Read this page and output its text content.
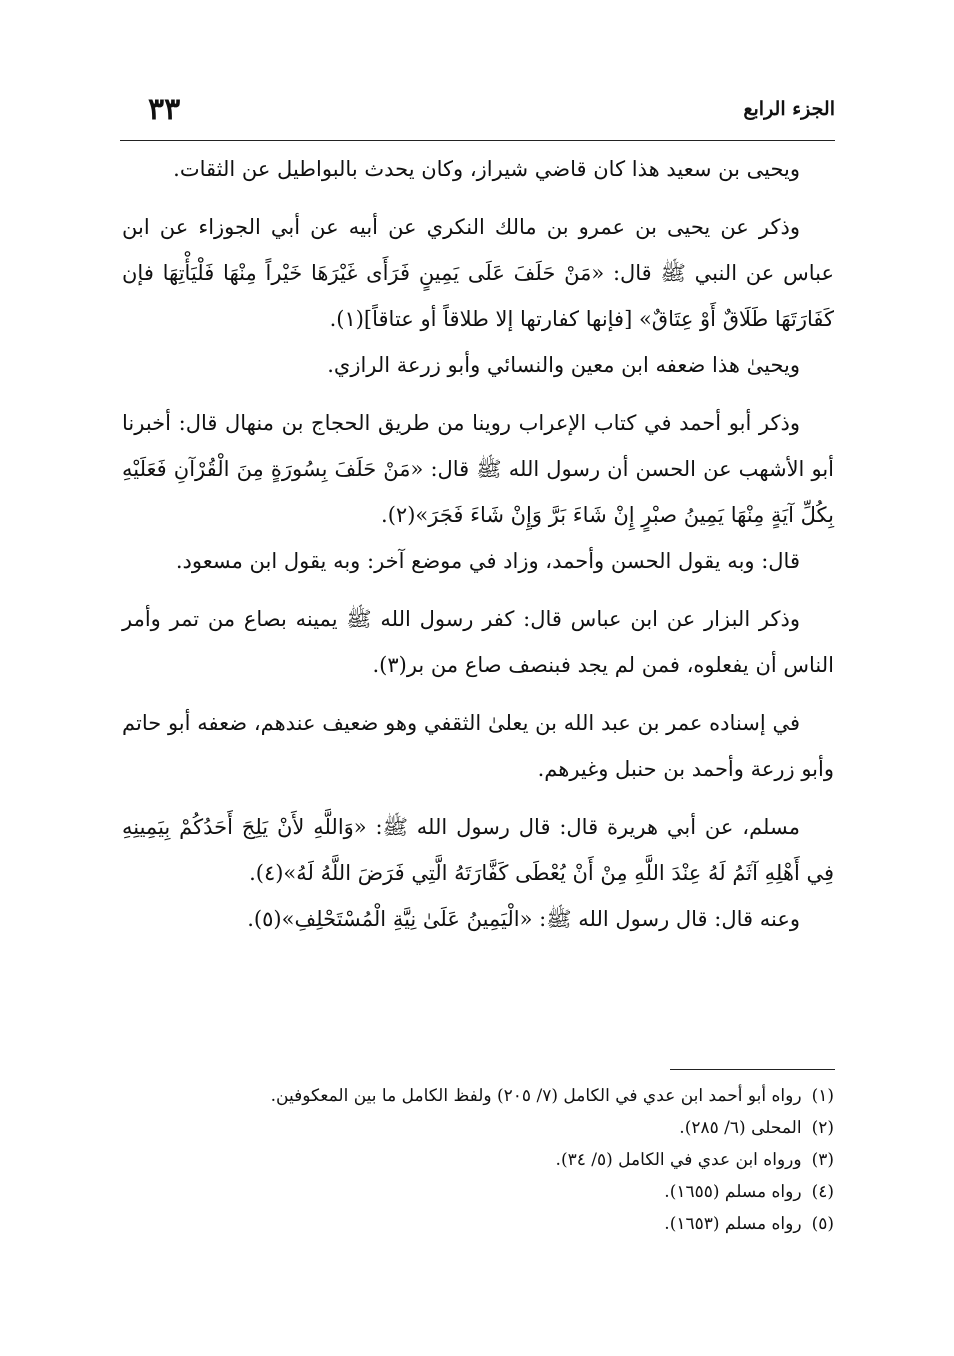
الجزء الرابع
٣٣

ويحيى بن سعيد هذا كان قاضي شيراز، وكان يحدث بالبواطيل عن الثقات.

وذكر عن يحيى بن عمرو بن مالك النكري عن أبيه عن أبي الجوزاء عن ابن عباس عن النبي ﷺ قال: «مَنْ حَلَفَ عَلَى يَمِينٍ فَرَأَى غَيْرَهَا خَيْراً مِنْهَا فَلْيَأْتِهَا فإن كَفَارَتَهَا طَلَاقٌ أَوْ عِتَاقٌ» [فإنها كفارتها إلا طلاقاً أو عتاقاً](١).

ويحيىٰ هذا ضعفه ابن معين والنسائي وأبو زرعة الرازي.

وذكر أبو أحمد في كتاب الإعراب روينا من طريق الحجاج بن منهال قال: أخبرنا أبو الأشهب عن الحسن أن رسول الله ﷺ قال: «مَنْ حَلَفَ بِسُورَةٍ مِنَ الْقُرْآنِ فَعَلَيْهِ بِكُلِّ آيَةٍ مِنْهَا يَمِينُ صبْرٍ إِنْ شَاءَ بَرَّ وَإِنْ شَاءَ فَجَرَ»(٢).

قال: وبه يقول الحسن وأحمد، وزاد في موضع آخر: وبه يقول ابن مسعود.

وذكر البزار عن ابن عباس قال: كفر رسول الله ﷺ يمينه بصاع من تمر وأمر الناس أن يفعلوه، فمن لم يجد فبنصف صاع من بر(٣).

في إسناده عمر بن عبد الله بن يعلىٰ الثقفي وهو ضعيف عندهم، ضعفه أبو حاتم وأبو زرعة وأحمد بن حنبل وغيرهم.

مسلم، عن أبي هريرة قال: قال رسول الله ﷺ: «وَاللَّهِ لأَنْ يَلِجَ أَحَدُكُمْ بِيَمِينِهِ فِي أَهْلِهِ آثَمُ لَهُ عِنْدَ اللَّهِ مِنْ أَنْ يُعْطَى كَفَّارَتَهُ الَّتِي فَرَضَ اللَّهُ لَهُ»(٤).

وعنه قال: قال رسول الله ﷺ: «الْيَمِينُ عَلَىٰ نِيَّةِ الْمُسْتَحْلِفِ»(٥).

(١)رواه أبو أحمد ابن عدي في الكامل (٧/ ٢٠٥) ولفظ الكامل ما بين المعكوفين.
(٢)المحلى (٦/ ٢٨٥).
(٣)ورواه ابن عدي في الكامل (٥/ ٣٤).
(٤)رواه مسلم (١٦٥٥).
(٥)رواه مسلم (١٦٥٣).
